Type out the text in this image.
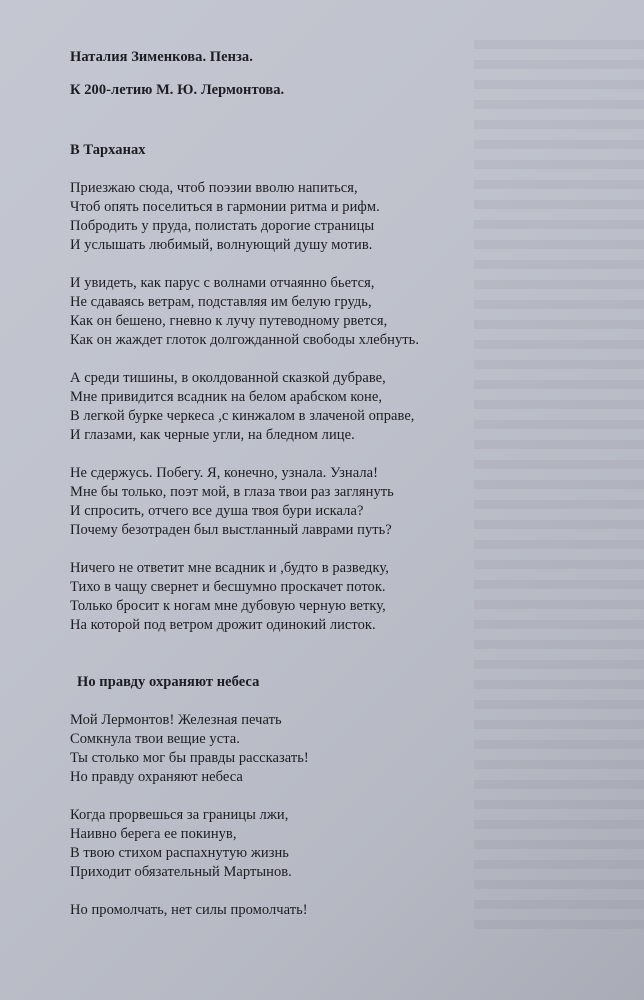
Наталия Зименкова. Пенза.
К 200-летию М. Ю. Лермонтова.
В Тарханах
Приезжаю сюда, чтоб поэзии вволю напиться,
Чтоб опять поселиться в гармонии ритма и рифм.
Побродить у пруда, полистать дорогие страницы
И услышать любимый, волнующий душу мотив.
И увидеть, как парус с волнами отчаянно бьется,
Не сдаваясь ветрам, подставляя им белую грудь,
Как он бешено, гневно к лучу путеводному рвется,
Как он жаждет глоток долгожданной свободы хлебнуть.
А среди тишины, в околдованной сказкой дубраве,
Мне привидится всадник на белом арабском коне,
В легкой бурке черкеса ,с кинжалом в злаченой оправе,
И глазами, как черные угли, на бледном лице.
Не сдержусь. Побегу. Я, конечно, узнала. Узнала!
Мне бы только, поэт мой, в глаза твои раз заглянуть
И спросить, отчего все душа твоя бури искала?
Почему безотраден был выстланный лаврами путь?
Ничего не ответит мне всадник и ,будто в разведку,
Тихо в чащу свернет и бесшумно проскачет поток.
Только бросит к ногам мне дубовую черную ветку,
На которой под ветром дрожит одинокий листок.
Но правду охраняют небеса
Мой Лермонтов! Железная печать
Сомкнула твои вещие уста.
Ты столько мог бы правды рассказать!
Но правду охраняют небеса
Когда прорвешься за границы лжи,
Наивно берега ее покинув,
В твою стихом распахнутую жизнь
Приходит обязательный Мартынов.
Но промолчать, нет силы промолчать!
